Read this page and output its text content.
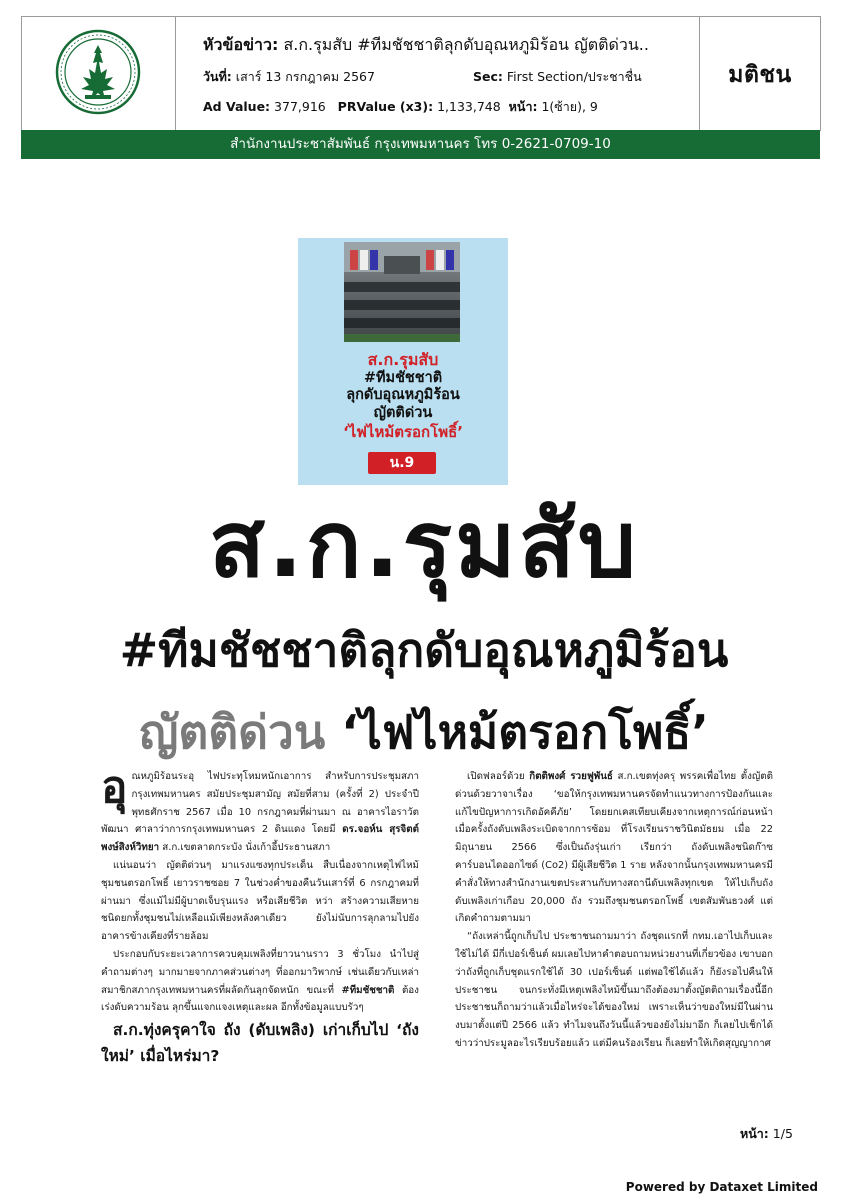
หัวข้อข่าว: ส.ก.รุมสับ #ทีมชัชชาติลุกดับอุณหภูมิร้อน ญัตติด่วน..
วันที่: เสาร์ 13 กรกฎาคม 2567	Sec: First Section/ประชาชื่น
Ad Value: 377,916 PRValue (x3): 1,133,748 หน้า: 1(ซ้าย), 9
มติชน
สำนักงานประชาสัมพันธ์ กรุงเทพมหานคร โทร 0-2621-0709-10
ส.ก.รุมสับ
#ทีมชัชชาติ
ลุกดับอุณหภูมิร้อน
ญัตติด่วน
‘ไฟไหม้ตรอกโพธิ์’
น.9
ส.ก.รุมสับ
#ทีมชัชชาติลุกดับอุณหภูมิร้อน
ญัตติด่วน ‘ไฟไหม้ตรอกโพธิ์’

อุณหภูมิร้อนระอุ ไฟประทุโหมหนักเอาการ สำหรับการประชุมสภากรุงเทพมหานคร สมัยประชุมสามัญ สมัยที่สาม (ครั้งที่ 2) ประจำปีพุทธศักราช 2567 เมื่อ 10 กรกฎาคมที่ผ่านมา ณ อาคารไอราวัตพัฒนา ศาลาว่าการกรุงเทพมหานคร 2 ดินแดง โดยมี ดร.จอห์น สุรจิตต์ พงษ์สิงห์วิทยา ส.ก.เขตลาดกระบัง นั่งเก้าอี้ประธานสภา

แน่นอนว่า ญัตติด่วนๆ มาแรงแซงทุกประเด็น สืบเนื่องจากเหตุไฟไหม้ชุมชนตรอกโพธิ์ เยาวราชซอย 7 ในช่วงค่ำของคืนวันเสาร์ที่ 6 กรกฎาคมที่ผ่านมา ซึ่งแม้ไม่มีผู้บาดเจ็บรุนแรง หรือเสียชีวิต หว่า สร้างความเสียหายชนิดยกทั้งชุมชนไม่เหลือแม้เพียงหลังคาเดียว ยังไม่นับการลุกลามไปยังอาคารข้างเคียงที่รายล้อม

ประกอบกับระยะเวลาการควบคุมเพลิงที่ยาวนานราว 3 ชั่วโมง นำไปสู่คำถามต่างๆ มากมายจากภาคส่วนต่างๆ ที่ออกมาวิพากษ์ เช่นเดียวกับเหล่าสมาชิกสภากรุงเทพมหานครที่ผลัดกันลุกจัดหนัก ขณะที่ #ทีมชัชชาติ ต้องเร่งดับความร้อน ลุกขึ้นแจกแจงเหตุและผล อีกทั้งข้อมูลแบบรัวๆ

ส.ก.ทุ่งครุคาใจ ถัง (ดับเพลิง) เก่าเก็บไป ‘ถังใหม่’ เมื่อไหร่มา?

เปิดฟลอร์ด้วย กิตติพงศ์ รวยฟูพันธ์ ส.ก.เขตทุ่งครุ พรรคเพื่อไทย ตั้งญัตติด่วนด้วยวาจาเรื่อง ‘ขอให้กรุงเทพมหานครจัดทำแนวทางการป้องกันและแก้ไขปัญหาการเกิดอัคคีภัย’ โดยยกเคสเทียบเคียงจากเหตุการณ์ก่อนหน้า เมื่อครั้งถังดับเพลิงระเบิดจากการซ้อม ที่โรงเรียนราชวินิตมัธยม เมื่อ 22 มิถุนายน 2566 ซึ่งเป็นถังรุ่นเก่า เรียกว่า ถังดับเพลิงชนิดก๊าซคาร์บอนไดออกไซด์ (Co2) มีผู้เสียชีวิต 1 ราย หลังจากนั้นกรุงเทพมหานครมีคำสั่งให้ทางสำนักงานเขตประสานกับทางสถานีดับเพลิงทุกเขต ให้ไปเก็บถังดับเพลิงเก่าเกือบ 20,000 ถัง รวมถึงชุมชนตรอกโพธิ์ เขตสัมพันธวงศ์ แต่เกิดคำถามตามมา

“ถังเหล่านี้ถูกเก็บไป ประชาชนถามมาว่า ถังชุดแรกที่ กทม.เอาไปเก็บและใช้ไม่ได้ มีกี่เปอร์เซ็นต์ ผมเลยไปหาคำตอบถามหน่วยงานที่เกี่ยวข้อง เขาบอกว่าถังที่ถูกเก็บชุดแรกใช้ได้ 30 เปอร์เซ็นต์ แต่พอใช้ได้แล้ว ก็ยังรอไปคืนให้ประชาชน จนกระทั่งมีเหตุเพลิงไหม้ขึ้นมาถึงต้องมาตั้งญัตติถามเรื่องนี้อีก ประชาชนก็ถามว่าแล้วเมื่อไหร่จะได้ของใหม่ เพราะเห็นว่าของใหม่มีในผ่านงบมาตั้งแต่ปี 2566 แล้ว ทำไมจนถึงวันนี้แล้วของยังไม่มาอีก ก็เลยไปเช็กได้ข่าวว่าประมูลอะไรเรียบร้อยแล้ว แต่มีคนร้องเรียน ก็เลยทำให้เกิดสุญญากาศ

หน้า: 1/5
Powered by Dataxet Limited
